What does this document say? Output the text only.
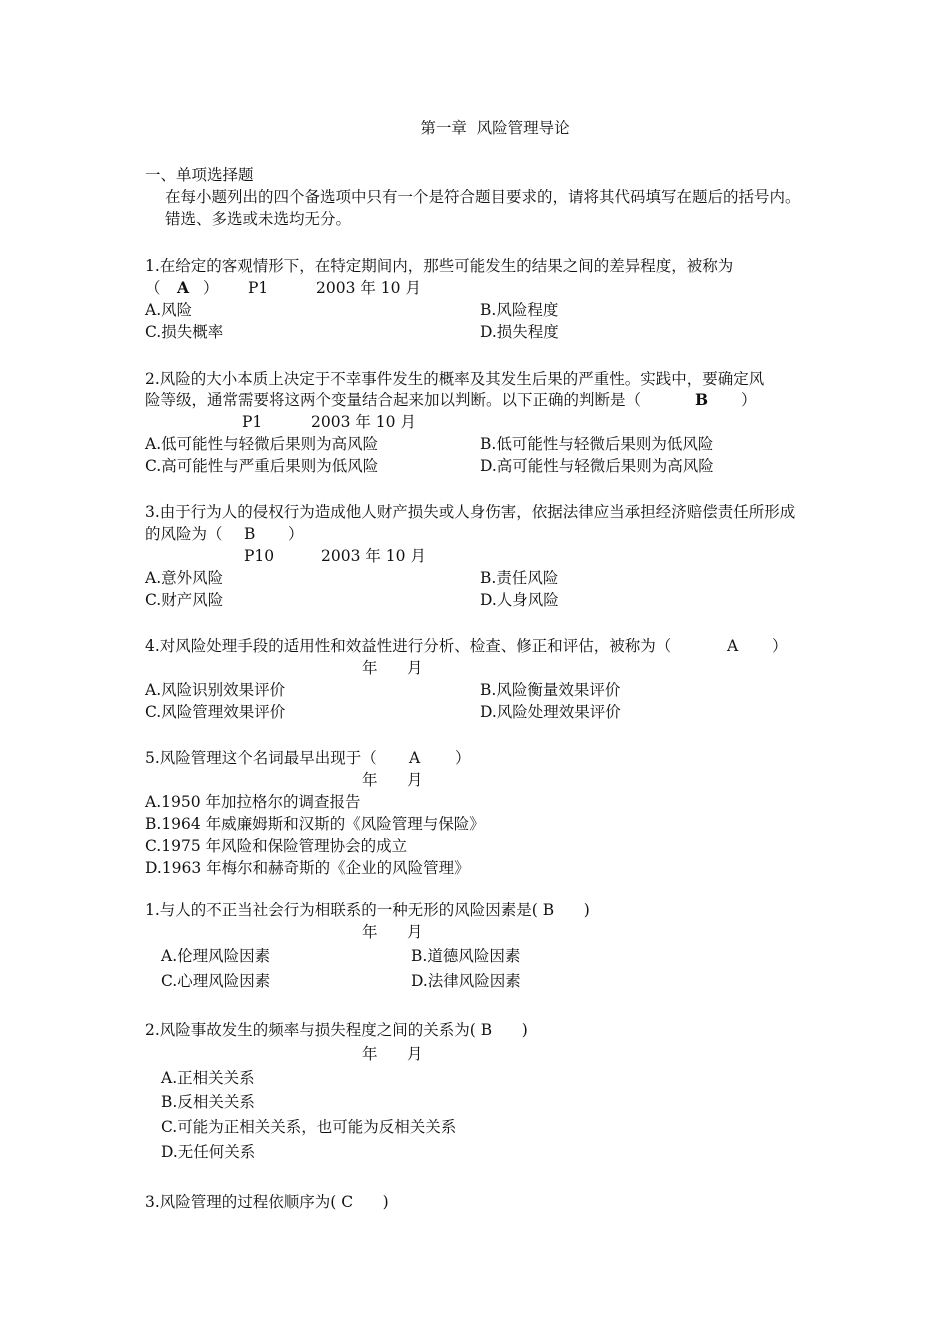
第一章  风险管理导论
一、单项选择题
在每小题列出的四个备选项中只有一个是符合题目要求的，请将其代码填写在题后的括号内。
错选、多选或未选均无分。
1.在给定的客观情形下，在特定期间内，那些可能发生的结果之间的差异程度，被称为
（ A ） P1	2003 年 10 月
A.风险	B.风险程度
C.损失概率	D.损失程度
2.风险的大小本质上决定于不幸事件发生的概率及其发生后果的严重性。实践中，要确定风
险等级，通常需要将这两个变量结合起来加以判断。以下正确的判断是（	B ）
P1	2003 年 10 月
A.低可能性与轻微后果则为高风险	B.低可能性与轻微后果则为低风险
C.高可能性与严重后果则为低风险	D.高可能性与轻微后果则为高风险
3.由于行为人的侵权行为造成他人财产损失或人身伤害，依据法律应当承担经济赔偿责任所形成
的风险为（ B ）
P10	2003 年 10 月
A.意外风险	B.责任风险
C.财产风险	D.人身风险
4.对风险处理手段的适用性和效益性进行分析、检查、修正和评估，被称为（	A ）
年      月
A.风险识别效果评价	B.风险衡量效果评价
C.风险管理效果评价	D.风险处理效果评价
5.风险管理这个名词最早出现于（ A ）
年      月
A.1950 年加拉格尔的调查报告
B.1964 年威廉姆斯和汉斯的《风险管理与保险》
C.1975 年风险和保险管理协会的成立
D.1963 年梅尔和赫奇斯的《企业的风险管理》
1.与人的不正当社会行为相联系的一种无形的风险因素是( B      )
年      月
A.伦理风险因素	B.道德风险因素
C.心理风险因素	D.法律风险因素
2.风险事故发生的频率与损失程度之间的关系为( B      )
年      月
A.正相关关系
B.反相关关系
C.可能为正相关关系，也可能为反相关关系
D.无任何关系
3.风险管理的过程依顺序为( C      )
